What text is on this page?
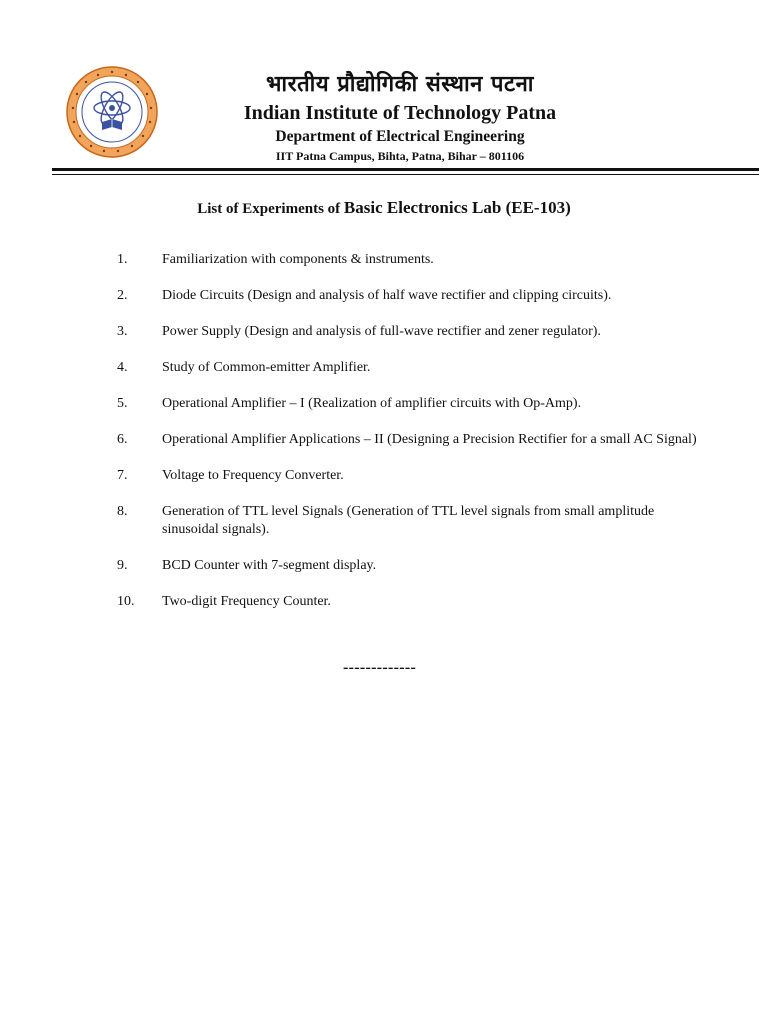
भारतीय प्रौद्योगिकी संस्थान पटना
Indian Institute of Technology Patna
Department of Electrical Engineering
IIT Patna Campus, Bihta, Patna, Bihar – 801106
List of Experiments of Basic Electronics Lab (EE-103)
1.	Familiarization with components & instruments.
2.	Diode Circuits (Design and analysis of half wave rectifier and clipping circuits).
3.	Power Supply (Design and analysis of full-wave rectifier and zener regulator).
4.	Study of Common-emitter Amplifier.
5.	Operational Amplifier – I (Realization of amplifier circuits with Op-Amp).
6.	Operational Amplifier Applications – II (Designing a Precision Rectifier for a small AC Signal)
7.	Voltage to Frequency Converter.
8.	Generation of TTL level Signals (Generation of TTL level signals from small amplitude sinusoidal signals).
9.	BCD Counter with 7-segment display.
10.	Two-digit Frequency Counter.
-------------
